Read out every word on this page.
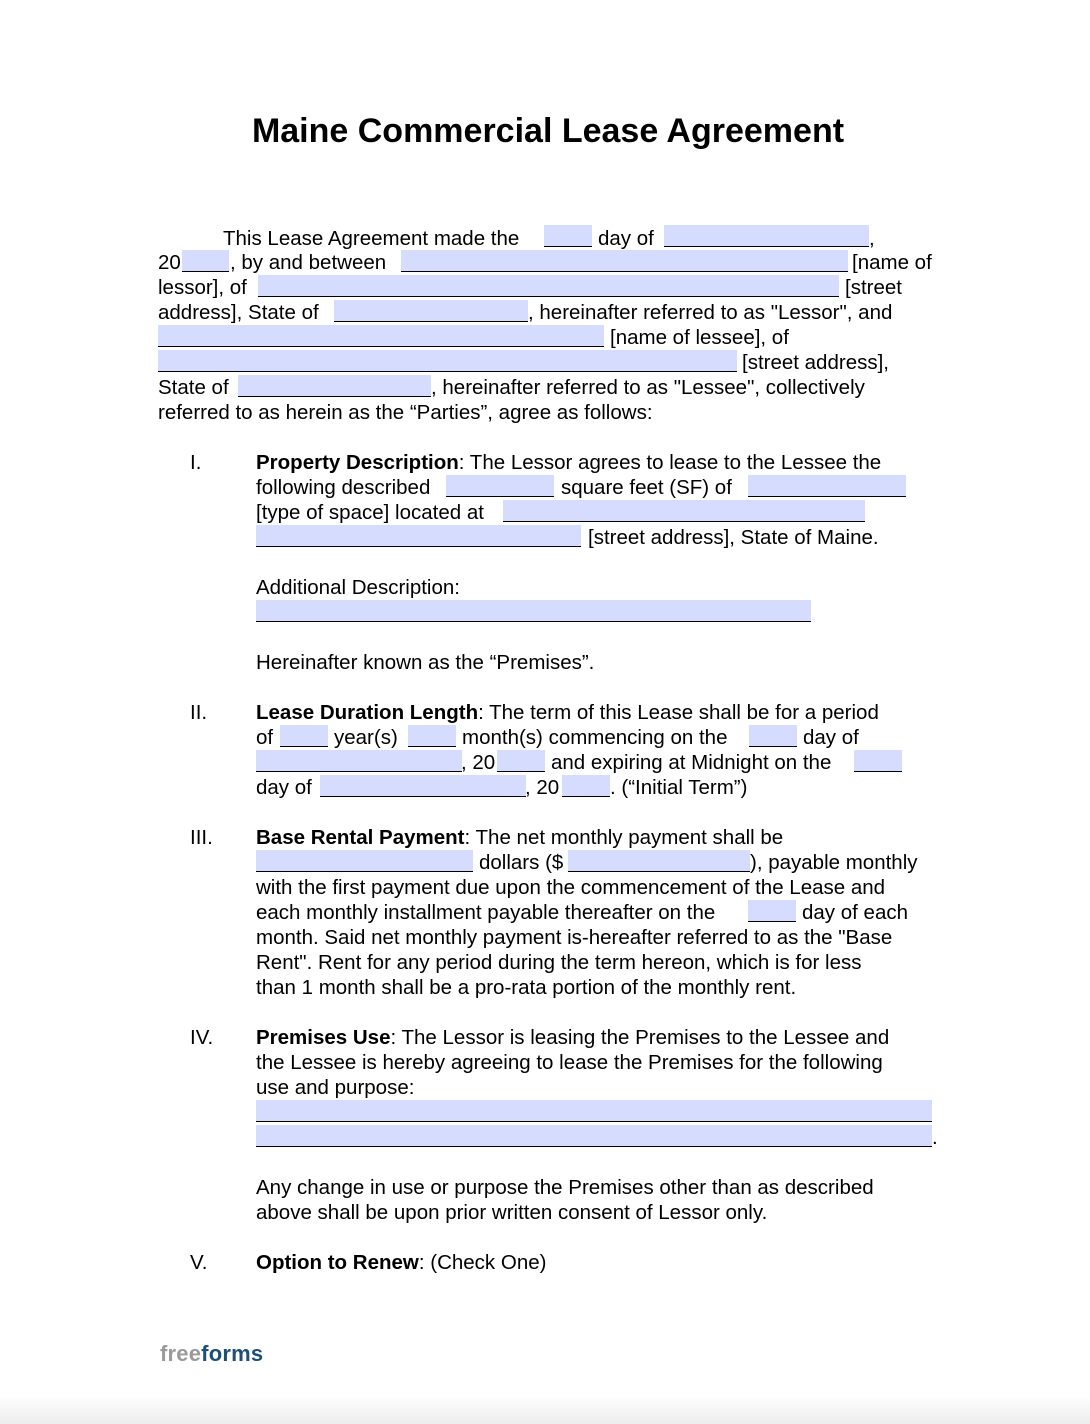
Maine Commercial Lease Agreement
This Lease Agreement made the	day of	,
20 , by and between	[name of
lessor], of	[street
address], State of	, hereinafter referred to as "Lessor", and
[name of lessee], of
[street address],
State of	, hereinafter referred to as "Lessee", collectively
referred to as herein as the “Parties”, agree as follows:
I.	Property Description: The Lessor agrees to lease to the Lessee the
following described	square feet (SF) of
[type of space] located at
[street address], State of Maine.
Additional Description:
Hereinafter known as the “Premises”.
II. Lease Duration Length: The term of this Lease shall be for a period
of	year(s)	month(s) commencing on the	day of
, 20	and expiring at Midnight on the
day of	, 20 . (“Initial Term”)
III. Base Rental Payment: The net monthly payment shall be
dollars ($	), payable monthly
with the first payment due upon the commencement of the Lease and
each monthly installment payable thereafter on the	day of each
month. Said net monthly payment is-hereafter referred to as the "Base
Rent". Rent for any period during the term hereon, which is for less
than 1 month shall be a pro-rata portion of the monthly rent.
IV. Premises Use: The Lessor is leasing the Premises to the Lessee and
the Lessee is hereby agreeing to lease the Premises for the following
use and purpose:
.
Any change in use or purpose the Premises other than as described
above shall be upon prior written consent of Lessor only.
V. Option to Renew: (Check One)
freeforms
